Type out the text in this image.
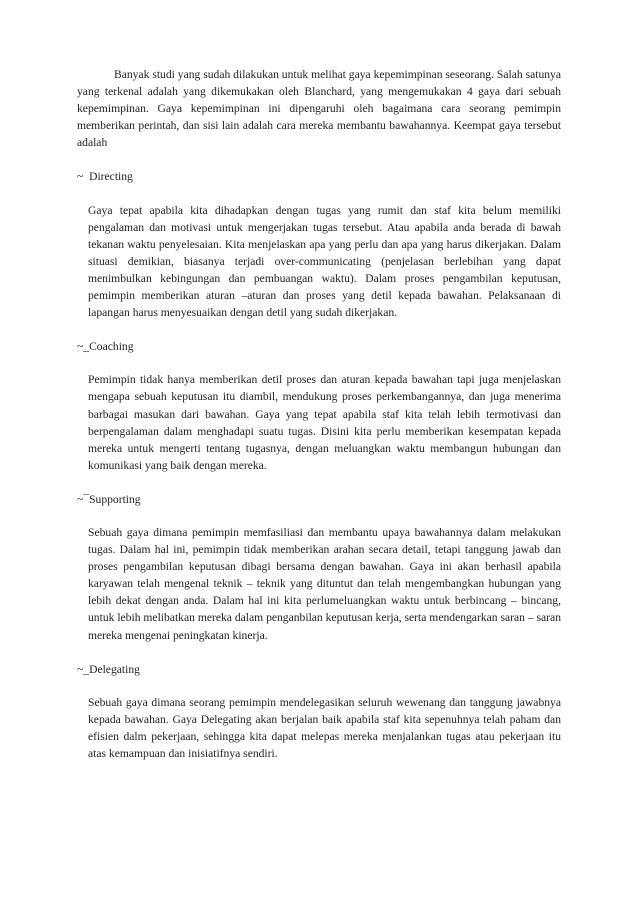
Banyak studi yang sudah dilakukan untuk melihat gaya kepemimpinan seseorang. Salah satunya yang terkenal adalah yang dikemukakan oleh Blanchard, yang mengemukakan 4 gaya dari sebuah kepemimpinan. Gaya kepemimpinan ini dipengaruhi oleh bagaimana cara seorang pemimpin memberikan perintah, dan sisi lain adalah cara mereka membantu bawahannya. Keempat gaya tersebut adalah

~  Directing

Gaya tepat apabila kita dihadapkan dengan tugas yang rumit dan staf kita belum memiliki pengalaman dan motivasi untuk mengerjakan tugas tersebut. Atau apabila anda berada di bawah tekanan waktu penyelesaian. Kita menjelaskan apa yang perlu dan apa yang harus dikerjakan. Dalam situasi demikian, biasanya terjadi over-communicating (penjelasan berlebihan yang dapat menimbulkan kebingungan dan pembuangan waktu). Dalam proses pengambilan keputusan, pemimpin memberikan aturan –aturan dan proses yang detil kepada bawahan. Pelaksanaan di lapangan harus menyesuaikan dengan detil yang sudah dikerjakan.

~_Coaching

Pemimpin tidak hanya memberikan detil proses dan aturan kepada bawahan tapi juga menjelaskan mengapa sebuah keputusan itu diambil, mendukung proses perkembangannya, dan juga menerima barbagai masukan dari bawahan. Gaya yang tepat apabila staf kita telah lebih termotivasi dan berpengalaman dalam menghadapi suatu tugas. Disini kita perlu memberikan kesempatan kepada mereka untuk mengerti tentang tugasnya, dengan meluangkan waktu membangun hubungan dan komunikasi yang baik dengan mereka.

~¯Supporting

Sebuah gaya dimana pemimpin memfasiliasi dan membantu upaya bawahannya dalam melakukan tugas. Dalam hal ini, pemimpin tidak memberikan arahan secara detail, tetapi tanggung jawab dan proses pengambilan keputusan dibagi bersama dengan bawahan. Gaya ini akan berhasil apabila karyawan telah mengenal teknik – teknik yang dituntut dan telah mengembangkan hubungan yang lebih dekat dengan anda. Dalam hal ini kita perlumeluangkan waktu untuk berbincang – bincang, untuk lebih melibatkan mereka dalam penganbilan keputusan kerja, serta mendengarkan saran – saran mereka mengenai peningkatan kinerja.

~_Delegating

Sebuah gaya dimana seorang pemimpin mendelegasikan seluruh wewenang dan tanggung jawabnya kepada bawahan. Gaya Delegating akan berjalan baik apabila staf kita sepenuhnya telah paham dan efisien dalm pekerjaan, sehingga kita dapat melepas mereka menjalankan tugas atau pekerjaan itu atas kemampuan dan inisiatifnya sendiri.
